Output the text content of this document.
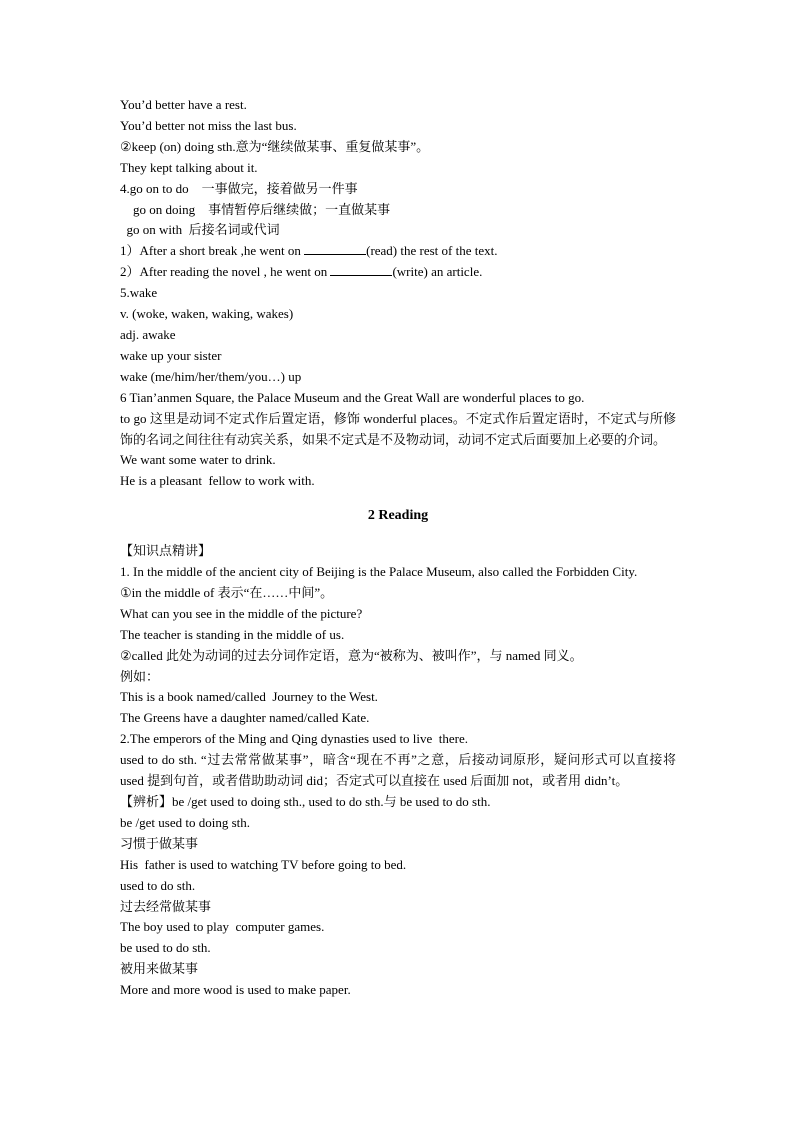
You’d better have a rest.

You’d better not miss the last bus.

②keep (on) doing sth.意为“继续做某事、重复做某事”。

They kept talking about it.

4.go on to do    一事做完，接着做另一件事

go on doing    事情暂停后继续做；一直做某事

go on with  后接名词或代词

1）After a short break ,he went on	(read) the rest of the text.

2）After reading the novel , he went on	(write) an article.

5.wake

v. (woke, waken, waking, wakes)

adj. awake

wake up your sister

wake (me/him/her/them/you…) up

6 Tian’anmen Square, the Palace Museum and the Great Wall are wonderful places to go.

to go 这里是动词不定式作后置定语，修饰 wonderful places。不定式作后置定语时，不定式与所修饰的名词之间往往有动宾关系，如果不定式是不及物动词，动词不定式后面要加上必要的介词。

We want some water to drink.

He is a pleasant  fellow to work with.

2 Reading

【知识点精讲】

1. In the middle of the ancient city of Beijing is the Palace Museum, also called the Forbidden City.

①in the middle of 表示“在……中间”。

What can you see in the middle of the picture?

The teacher is standing in the middle of us.

②called 此处为动词的过去分词作定语，意为“被称为、被叫作”，与 named 同义。

例如：

This is a book named/called  Journey to the West.

The Greens have a daughter named/called Kate.

2.The emperors of the Ming and Qing dynasties used to live  there.

used to do sth. “过去常常做某事”，暗含“现在不再”之意，后接动词原形，疑问形式可以直接将 used 提到句首，或者借助助动词 did；否定式可以直接在 used 后面加 not，或者用 didn’t。

【辨析】be /get used to doing sth., used to do sth.与 be used to do sth.

be /get used to doing sth.

习惯于做某事

His  father is used to watching TV before going to bed.

used to do sth.

过去经常做某事

The boy used to play  computer games.

be used to do sth.

被用来做某事

More and more wood is used to make paper.
